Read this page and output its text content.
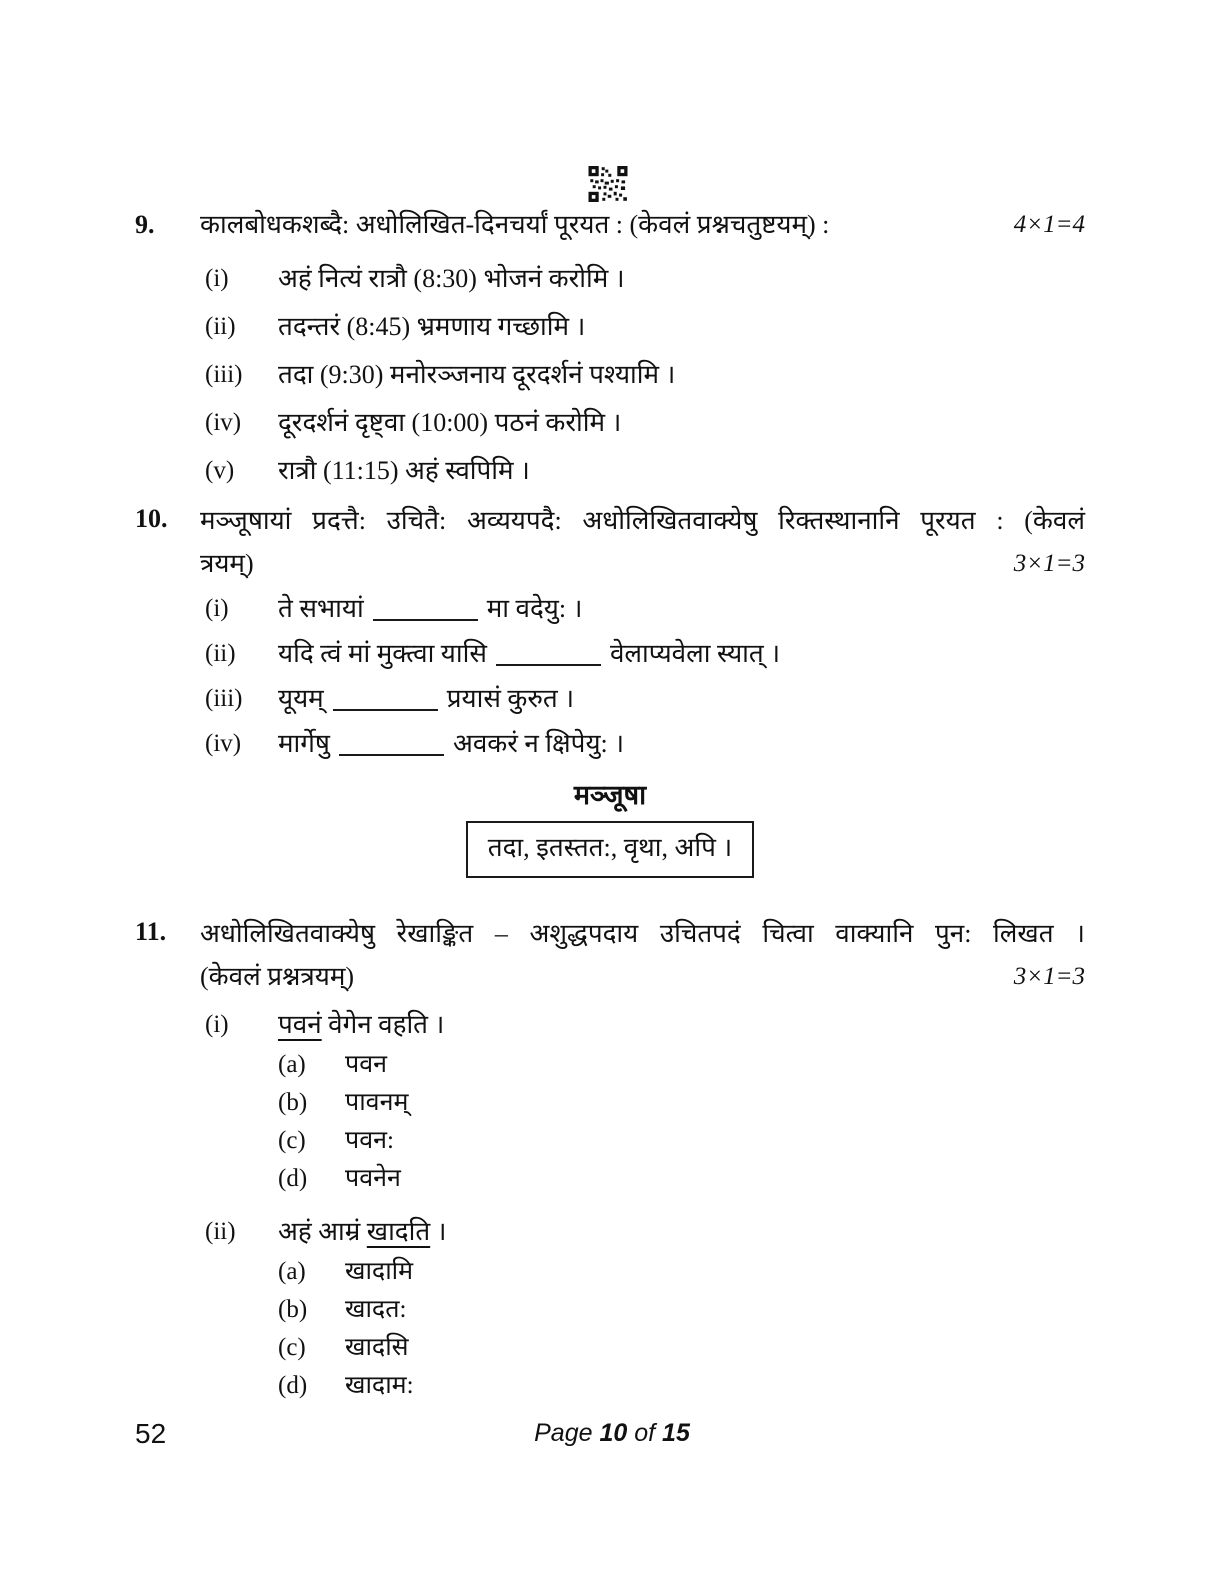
9.	कालबोधकशब्दै: अधोलिखित-दिनचर्यां पूरयत : (केवलं प्रश्नचतुष्टयम्) :	4×1=4
(i)	अहं नित्यं रात्रौ (8:30) भोजनं करोमि ।
(ii)	तदन्तरं (8:45) भ्रमणाय गच्छामि ।
(iii)	तदा (9:30) मनोरञ्जनाय दूरदर्शनं पश्यामि ।
(iv)	दूरदर्शनं दृष्ट्वा (10:00) पठनं करोमि ।
(v)	रात्रौ (11:15) अहं स्वपिमि ।
10.	मञ्जूषायां प्रदत्तै: उचितै: अव्ययपदै: अधोलिखितवाक्येषु रिक्तस्थानानि पूरयत : (केवलं
त्रयम्)	3×1=3
(i)	ते सभायां	मा वदेयु: ।
(ii)	यदि त्वं मां मुक्त्वा यासि	वेलाप्यवेला स्यात् ।
(iii)	यूयम्	प्रयासं कुरुत ।
(iv)	मार्गेषु	अवकरं न क्षिपेयु: ।
मञ्जूषा
तदा, इतस्तत:, वृथा, अपि ।
11.	अधोलिखितवाक्येषु रेखाङ्कित – अशुद्धपदाय उचितपदं चित्वा वाक्यानि पुन: लिखत ।
(केवलं प्रश्नत्रयम्)	3×1=3
(i)	पवनं वेगेन वहति ।
(a)	पवन
(b)	पावनम्
(c)	पवन:
(d)	पवनेन
(ii)	अहं आम्रं खादति ।
(a)	खादामि
(b)	खादत:
(c)	खादसि
(d)	खादाम:
52	Page 10 of 15
